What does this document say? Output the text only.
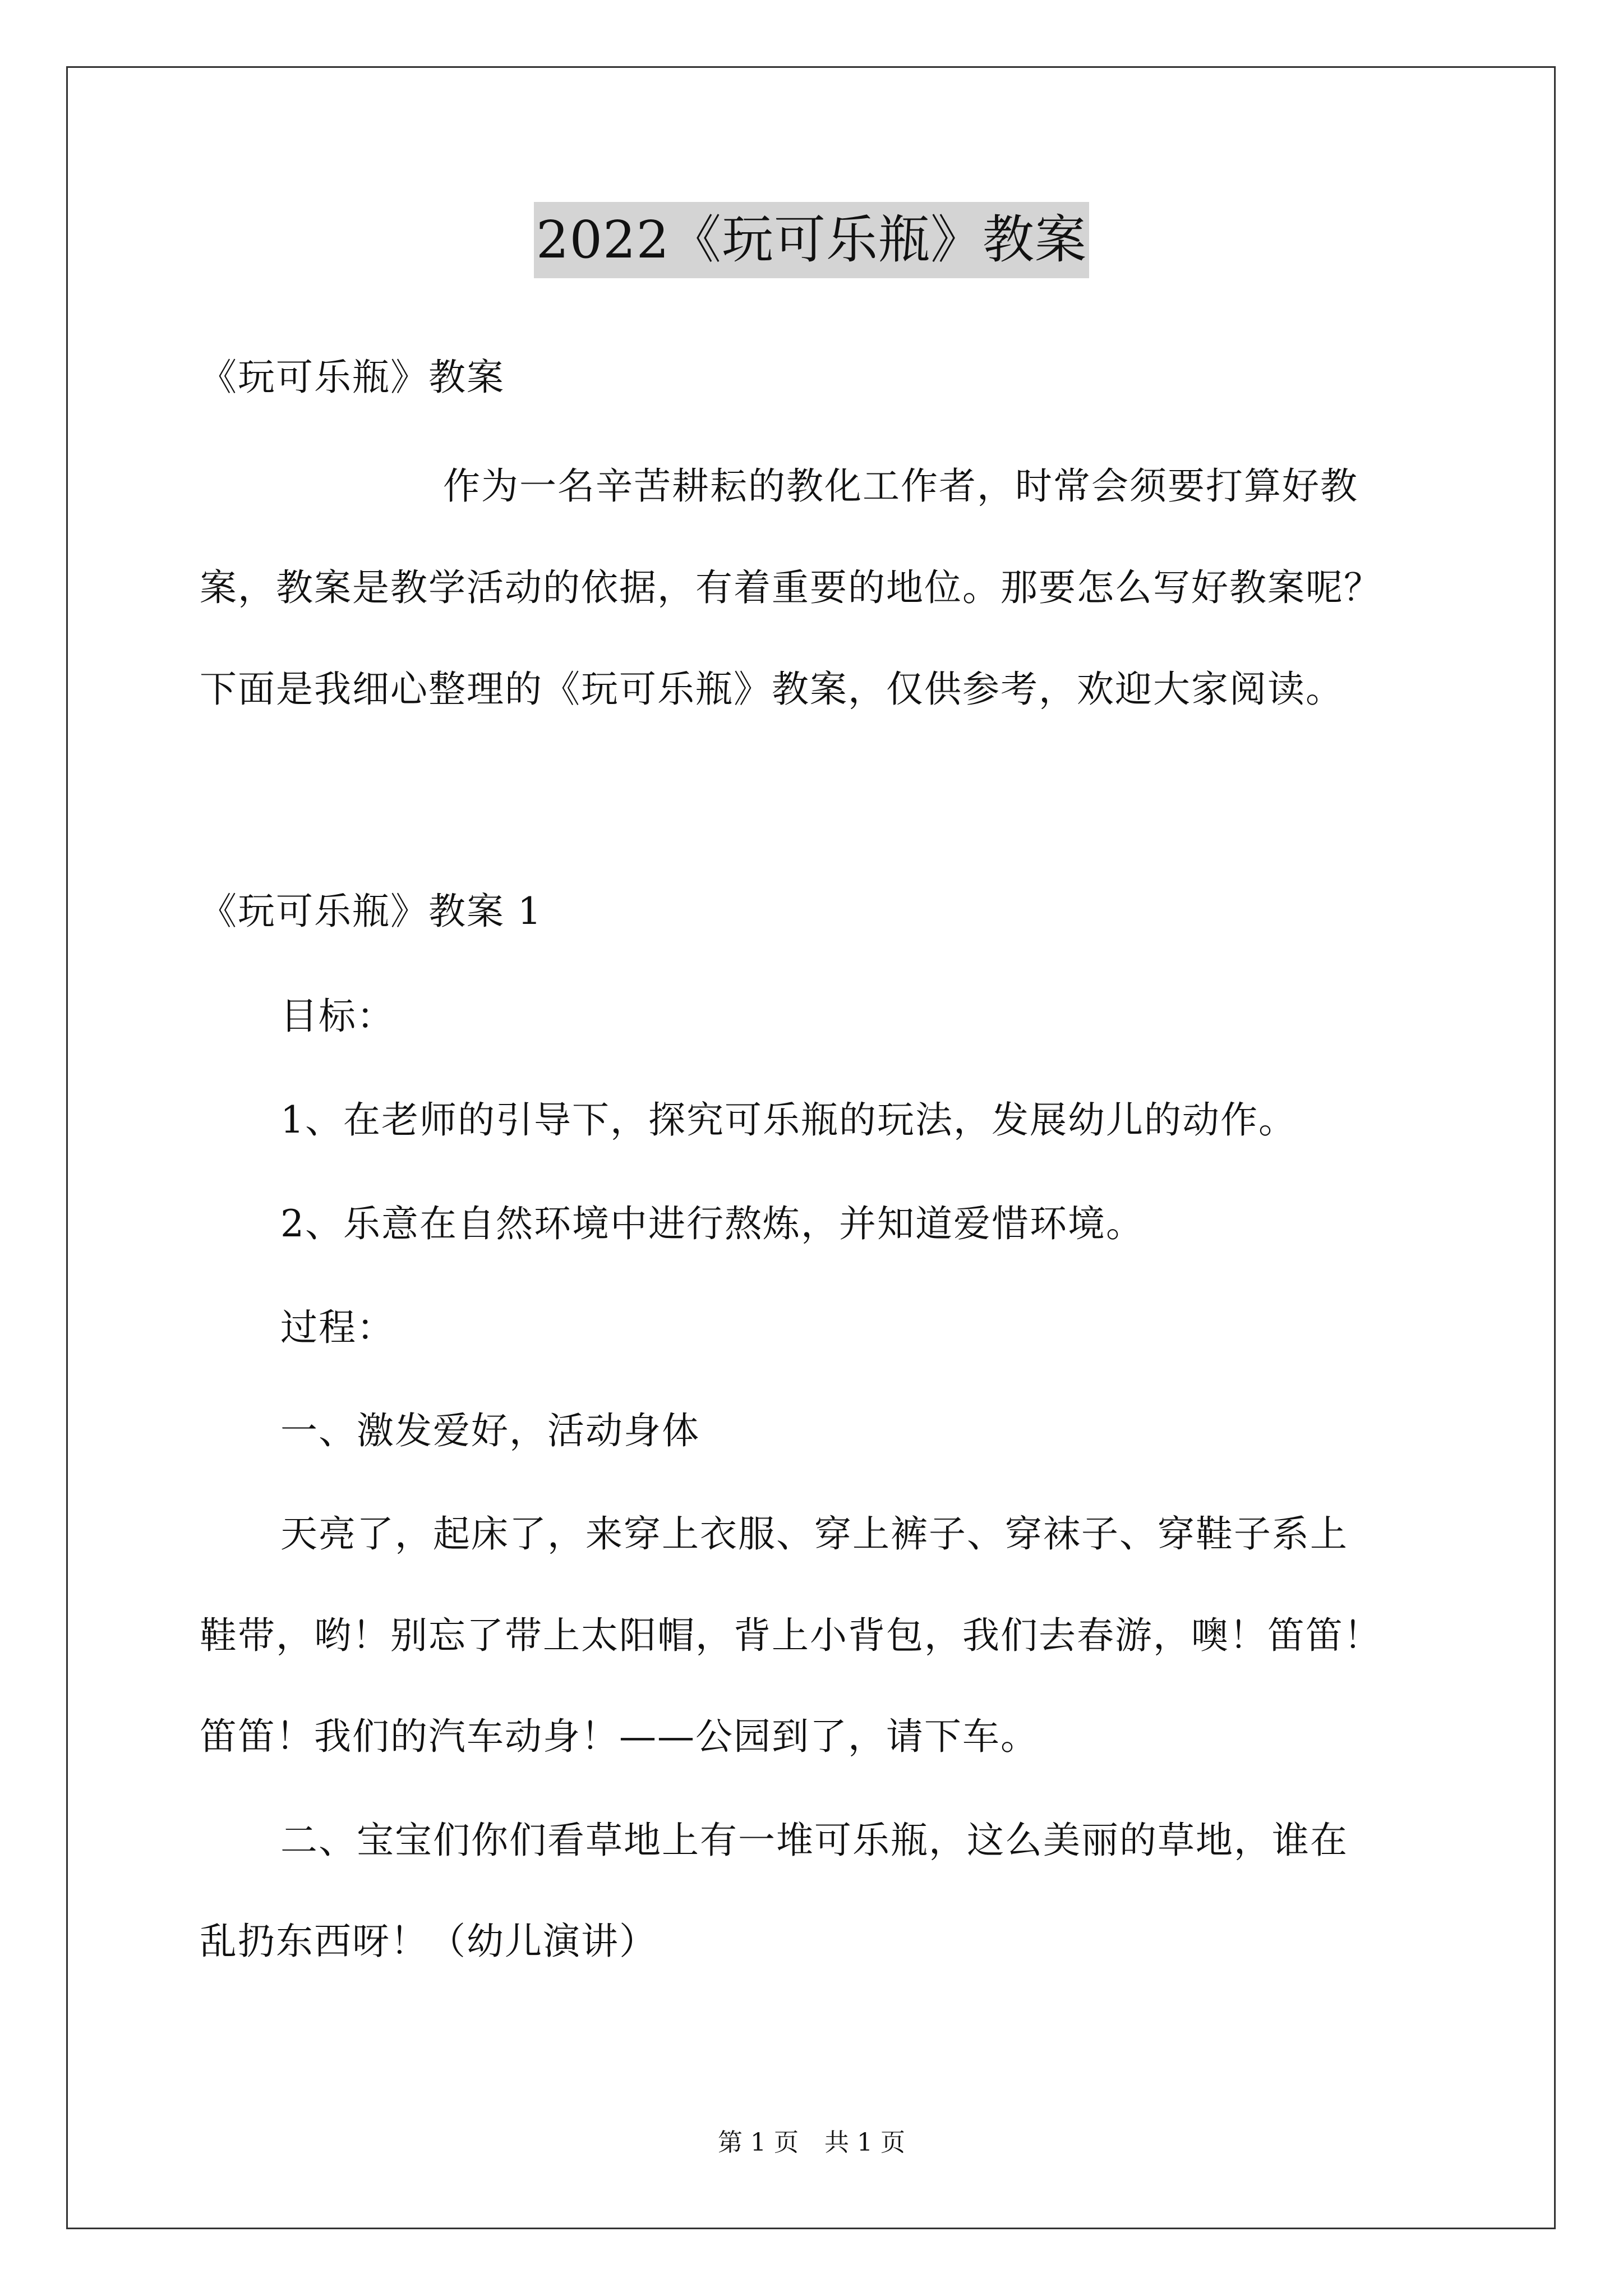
2022《玩可乐瓶》教案
《玩可乐瓶》教案
作为一名辛苦耕耘的教化工作者，时常会须要打算好教
案，教案是教学活动的依据，有着重要的地位。那要怎么写好教案呢？
下面是我细心整理的《玩可乐瓶》教案，仅供参考，欢迎大家阅读。
《玩可乐瓶》教案 1
目标：
1、在老师的引导下，探究可乐瓶的玩法，发展幼儿的动作。
2、乐意在自然环境中进行熬炼，并知道爱惜环境。
过程：
一、激发爱好，活动身体
天亮了，起床了，来穿上衣服、穿上裤子、穿袜子、穿鞋子系上
鞋带，哟！别忘了带上太阳帽，背上小背包，我们去春游，噢！笛笛！
笛笛！我们的汽车动身！——公园到了，请下车。
二、宝宝们你们看草地上有一堆可乐瓶，这么美丽的草地，谁在
乱扔东西呀！（幼儿演讲）
第 1 页 共 1 页
